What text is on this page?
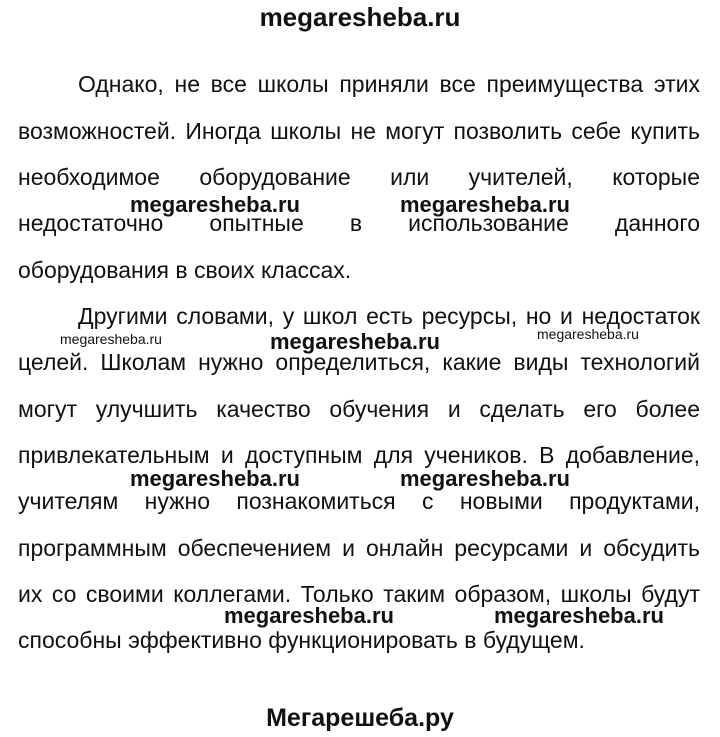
megaresheba.ru
Однако, не все школы приняли все преимущества этих
возможностей. Иногда школы не могут позволить себе купить
необходимое оборудование или учителей, которые
недостаточно опытные в использование данного
оборудования в своих классах.
Другими словами, у школ есть ресурсы, но и недостаток
целей. Школам нужно определиться, какие виды технологий
могут улучшить качество обучения и сделать его более
привлекательным и доступным для учеников. В добавление,
учителям нужно познакомиться с новыми продуктами,
программным обеспечением и онлайн ресурсами и обсудить
их со своими коллегами. Только таким образом, школы будут
способны эффективно функционировать в будущем.
megaresheba.ru	megaresheba.ru
megaresheba.ru	megaresheba.ru	megaresheba.ru
megaresheba.ru	megaresheba.ru
megaresheba.ru	megaresheba.ru
Мегарешеба.ру
